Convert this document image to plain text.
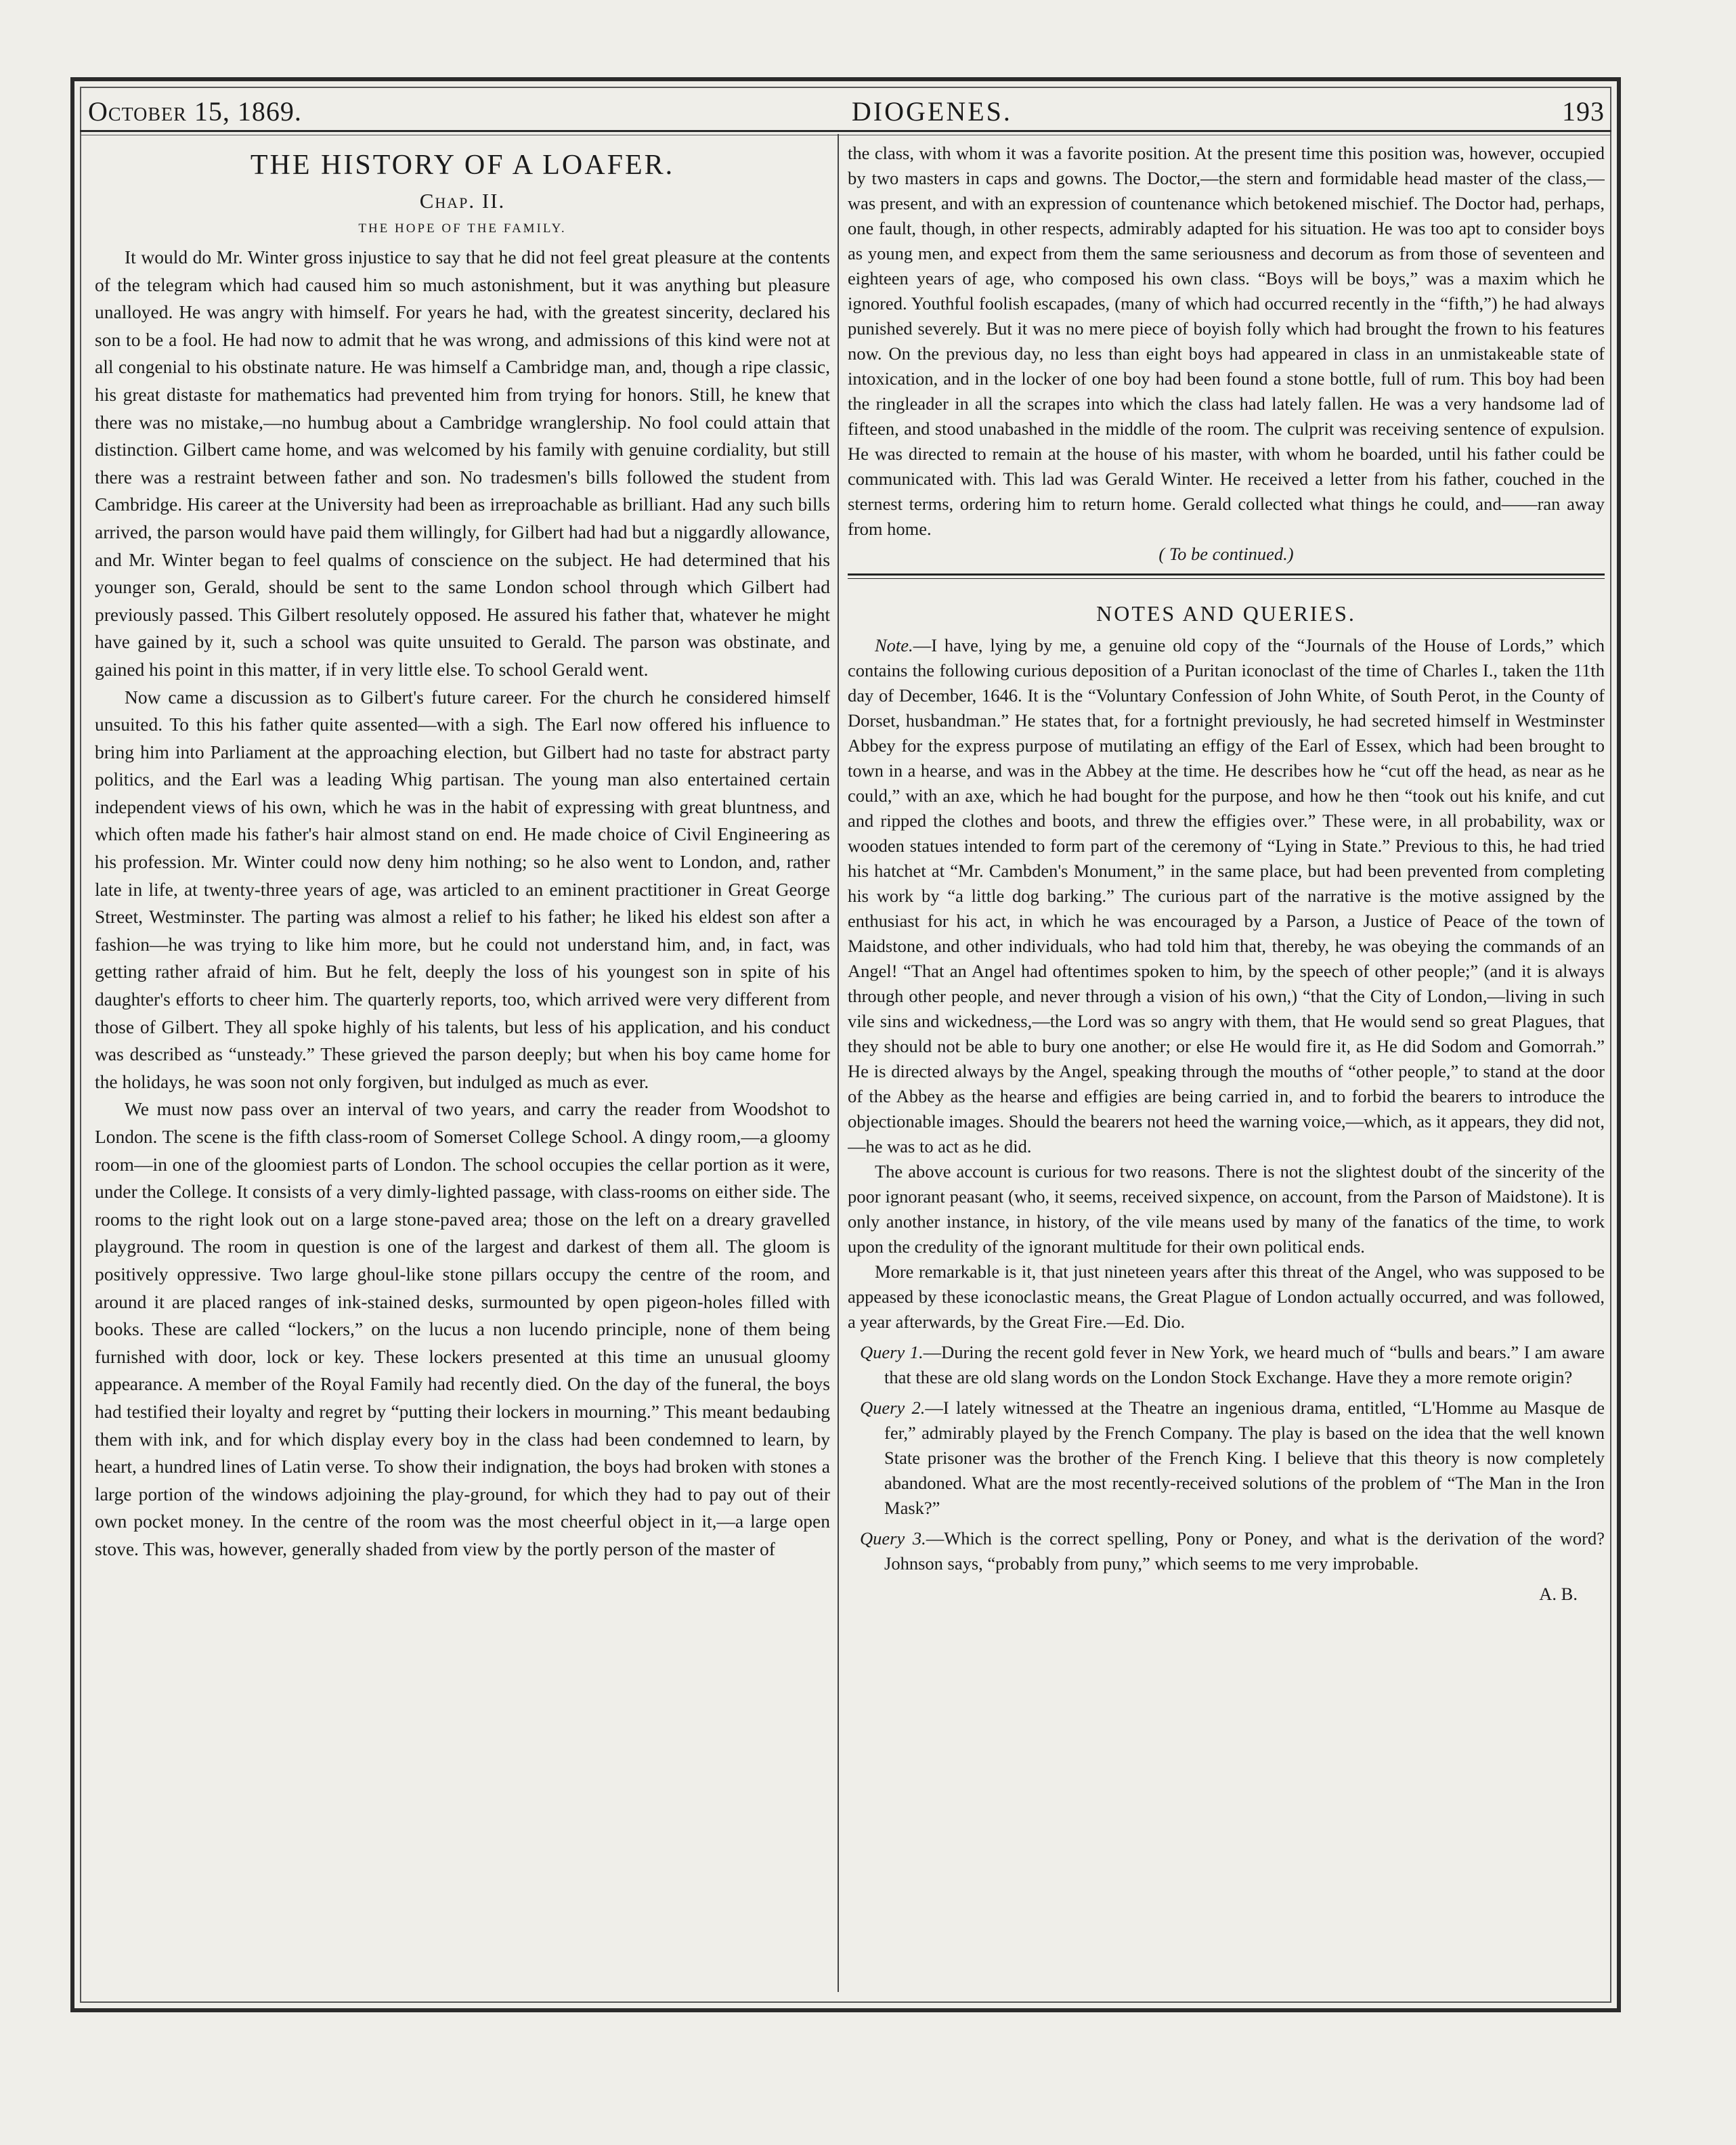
October 15, 1869.	DIOGENES.	193
THE HISTORY OF A LOAFER.
Chap. II.
THE HOPE OF THE FAMILY.

It would do Mr. Winter gross injustice to say that he did not feel great pleasure at the contents of the telegram which had caused him so much astonishment, but it was anything but pleasure unalloyed. He was angry with himself. For years he had, with the greatest sincerity, declared his son to be a fool. He had now to admit that he was wrong, and admissions of this kind were not at all congenial to his obstinate nature. He was himself a Cambridge man, and, though a ripe classic, his great distaste for mathematics had prevented him from trying for honors. Still, he knew that there was no mistake,—no humbug about a Cambridge wranglership. No fool could attain that distinction. Gilbert came home, and was welcomed by his family with genuine cordiality, but still there was a restraint between father and son. No tradesmen's bills followed the student from Cambridge. His career at the University had been as irreproachable as brilliant. Had any such bills arrived, the parson would have paid them willingly, for Gilbert had had but a niggardly allowance, and Mr. Winter began to feel qualms of conscience on the subject. He had determined that his younger son, Gerald, should be sent to the same London school through which Gilbert had previously passed. This Gilbert resolutely opposed. He assured his father that, whatever he might have gained by it, such a school was quite unsuited to Gerald. The parson was obstinate, and gained his point in this matter, if in very little else. To school Gerald went.

Now came a discussion as to Gilbert's future career. For the church he considered himself unsuited. To this his father quite assented—with a sigh. The Earl now offered his influence to bring him into Parliament at the approaching election, but Gilbert had no taste for abstract party politics, and the Earl was a leading Whig partisan. The young man also entertained certain independent views of his own, which he was in the habit of expressing with great bluntness, and which often made his father's hair almost stand on end. He made choice of Civil Engineering as his profession. Mr. Winter could now deny him nothing; so he also went to London, and, rather late in life, at twenty-three years of age, was articled to an eminent practitioner in Great George Street, Westminster. The parting was almost a relief to his father; he liked his eldest son after a fashion—he was trying to like him more, but he could not understand him, and, in fact, was getting rather afraid of him. But he felt, deeply the loss of his youngest son in spite of his daughter's efforts to cheer him. The quarterly reports, too, which arrived were very different from those of Gilbert. They all spoke highly of his talents, but less of his application, and his conduct was described as “unsteady.” These grieved the parson deeply; but when his boy came home for the holidays, he was soon not only forgiven, but indulged as much as ever.

We must now pass over an interval of two years, and carry the reader from Woodshot to London. The scene is the fifth class-room of Somerset College School. A dingy room,—a gloomy room—in one of the gloomiest parts of London. The school occupies the cellar portion as it were, under the College. It consists of a very dimly-lighted passage, with class-rooms on either side. The rooms to the right look out on a large stone-paved area; those on the left on a dreary gravelled playground. The room in question is one of the largest and darkest of them all. The gloom is positively oppressive. Two large ghoul-like stone pillars occupy the centre of the room, and around it are placed ranges of ink-stained desks, surmounted by open pigeon-holes filled with books. These are called “lockers,” on the lucus a non lucendo principle, none of them being furnished with door, lock or key. These lockers presented at this time an unusual gloomy appearance. A member of the Royal Family had recently died. On the day of the funeral, the boys had testified their loyalty and regret by “putting their lockers in mourning.” This meant bedaubing them with ink, and for which display every boy in the class had been condemned to learn, by heart, a hundred lines of Latin verse. To show their indignation, the boys had broken with stones a large portion of the windows adjoining the play-ground, for which they had to pay out of their own pocket money. In the centre of the room was the most cheerful object in it,—a large open stove. This was, however, generally shaded from view by the portly person of the master of

the class, with whom it was a favorite position. At the present time this position was, however, occupied by two masters in caps and gowns. The Doctor,—the stern and formidable head master of the class,—was present, and with an expression of countenance which betokened mischief. The Doctor had, perhaps, one fault, though, in other respects, admirably adapted for his situation. He was too apt to consider boys as young men, and expect from them the same seriousness and decorum as from those of seventeen and eighteen years of age, who composed his own class. “Boys will be boys,” was a maxim which he ignored. Youthful foolish escapades, (many of which had occurred recently in the “fifth,”) he had always punished severely. But it was no mere piece of boyish folly which had brought the frown to his features now. On the previous day, no less than eight boys had appeared in class in an unmistakeable state of intoxication, and in the locker of one boy had been found a stone bottle, full of rum. This boy had been the ringleader in all the scrapes into which the class had lately fallen. He was a very handsome lad of fifteen, and stood unabashed in the middle of the room. The culprit was receiving sentence of expulsion. He was directed to remain at the house of his master, with whom he boarded, until his father could be communicated with. This lad was Gerald Winter. He received a letter from his father, couched in the sternest terms, ordering him to return home. Gerald collected what things he could, and——ran away from home.

( To be continued.)

NOTES AND QUERIES.

Note.—I have, lying by me, a genuine old copy of the “Journals of the House of Lords,” which contains the following curious deposition of a Puritan iconoclast of the time of Charles I., taken the 11th day of December, 1646. It is the “Voluntary Confession of John White, of South Perot, in the County of Dorset, husbandman.” He states that, for a fortnight previously, he had secreted himself in Westminster Abbey for the express purpose of mutilating an effigy of the Earl of Essex, which had been brought to town in a hearse, and was in the Abbey at the time. He describes how he “cut off the head, as near as he could,” with an axe, which he had bought for the purpose, and how he then “took out his knife, and cut and ripped the clothes and boots, and threw the effigies over.” These were, in all probability, wax or wooden statues intended to form part of the ceremony of “Lying in State.” Previous to this, he had tried his hatchet at “Mr. Cambden's Monument,” in the same place, but had been prevented from completing his work by “a little dog barking.” The curious part of the narrative is the motive assigned by the enthusiast for his act, in which he was encouraged by a Parson, a Justice of Peace of the town of Maidstone, and other individuals, who had told him that, thereby, he was obeying the commands of an Angel! “That an Angel had oftentimes spoken to him, by the speech of other people;” (and it is always through other people, and never through a vision of his own,) “that the City of London,—living in such vile sins and wickedness,—the Lord was so angry with them, that He would send so great Plagues, that they should not be able to bury one another; or else He would fire it, as He did Sodom and Gomorrah.” He is directed always by the Angel, speaking through the mouths of “other people,” to stand at the door of the Abbey as the hearse and effigies are being carried in, and to forbid the bearers to introduce the objectionable images. Should the bearers not heed the warning voice,—which, as it appears, they did not,—he was to act as he did.

The above account is curious for two reasons. There is not the slightest doubt of the sincerity of the poor ignorant peasant (who, it seems, received sixpence, on account, from the Parson of Maidstone). It is only another instance, in history, of the vile means used by many of the fanatics of the time, to work upon the credulity of the ignorant multitude for their own political ends.

More remarkable is it, that just nineteen years after this threat of the Angel, who was supposed to be appeased by these iconoclastic means, the Great Plague of London actually occurred, and was followed, a year afterwards, by the Great Fire.—Ed. Dio.

Query 1.—During the recent gold fever in New York, we heard much of “bulls and bears.” I am aware that these are old slang words on the London Stock Exchange. Have they a more remote origin?

Query 2.—I lately witnessed at the Theatre an ingenious drama, entitled, “L'Homme au Masque de fer,” admirably played by the French Company. The play is based on the idea that the well known State prisoner was the brother of the French King. I believe that this theory is now completely abandoned. What are the most recently-received solutions of the problem of “The Man in the Iron Mask?”

Query 3.—Which is the correct spelling, Pony or Poney, and what is the derivation of the word? Johnson says, “probably from puny,” which seems to me very improbable.

A. B.
